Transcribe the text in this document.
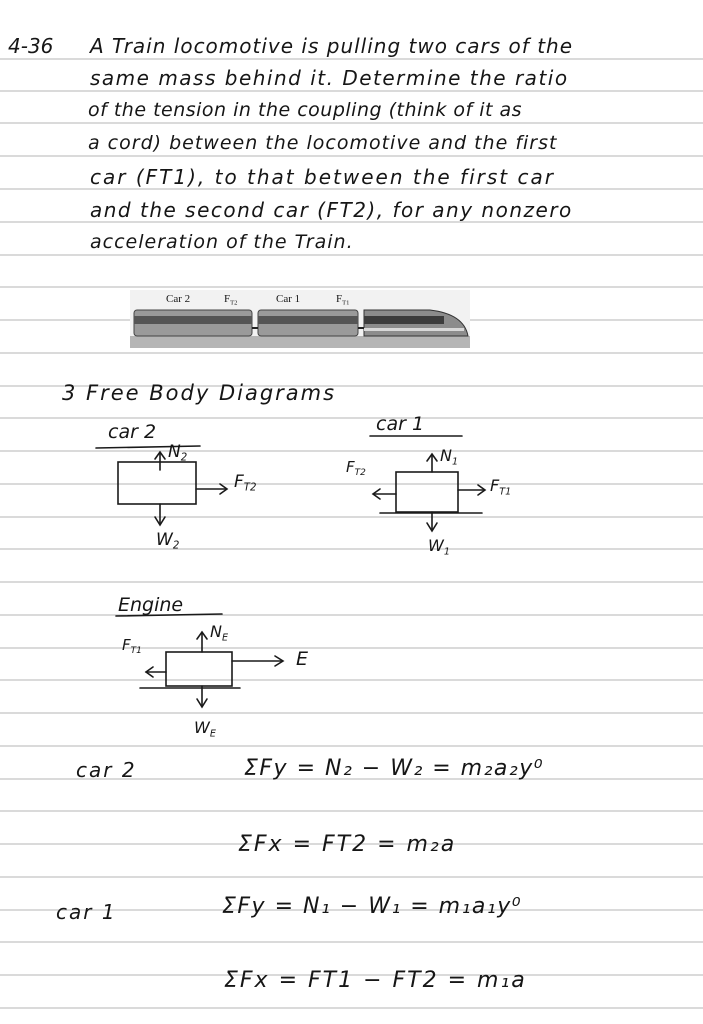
4-36 A Train locomotive is pulling two cars of the
same mass behind it. Determine the ratio
of the tension in the coupling (think of it as
a cord) between the locomotive and the first
car (FT1), to that between the first car
and the second car (FT2), for any nonzero
acceleration of the Train.
Car 2	$F_{T2}$	Car 1	$F_{T1}$
3 Free Body Diagrams
car 2
$N_2$
$F_{T2}$
$W_2$
car 1
$N_1$
$F_{T2}$
$F_{T1}$
$W_1$
Engine
$N_E$
$F_{T1}$	E
$W_E$
car 2	ΣFy = N₂ − W₂ = m₂a₂y⁰
ΣFx = FT2 = m₂a
car 1	ΣFy = N₁ − W₁ = m₁a₁y⁰
ΣFx = FT1 − FT2 = m₁a
